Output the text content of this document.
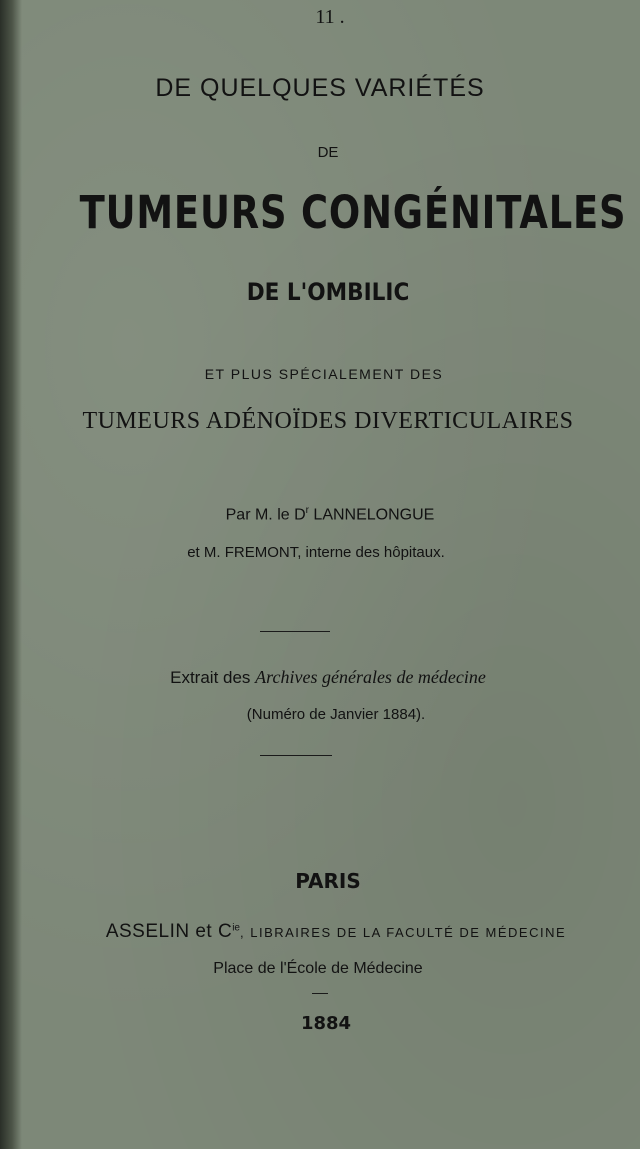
11 .
DE QUELQUES VARIÉTÉS
DE
TUMEURS CONGÉNITALES
DE L'OMBILIC
ET PLUS SPÉCIALEMENT DES
TUMEURS ADÉNOÏDES DIVERTICULAIRES
Par M. le $D^r$ LANNELONGUE
et M. FREMONT, interne des hôpitaux.
Extrait des Archives générales de médecine
(Numéro de Janvier 1884).
PARIS
ASSELIN et $C^{ie}$, LIBRAIRES DE LA FACULTÉ DE MÉDECINE
Place de l'École de Médecine
1884
